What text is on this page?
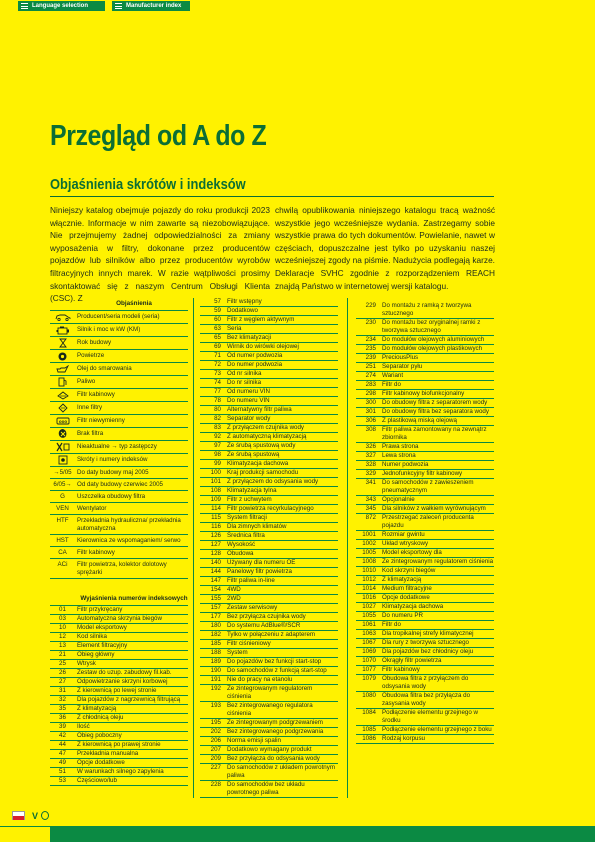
Language selection	Manufacturer index
Przegląd od A do Z
Objaśnienia skrótów i indeksów

Niniejszy katalog obejmuje pojazdy do roku produkcji 2023 włącznie. Informacje w nim zawarte są niezobowiązujące. Nie przejmujemy żadnej odpowiedzialności za zmiany wyposażenia w filtry, dokonane przez producentów pojazdów lub silników albo przez producentów wyrobów filtracyjnych innych marek. W razie wątpliwości prosimy skontaktować się z naszym Centrum Obsługi Klienta (CSC). Z

chwilą opublikowania niniejszego katalogu tracą ważność wszystkie jego wcześniejsze wydania. Zastrzegamy sobie wszystkie prawa do tych dokumentów. Powielanie, nawet w częściach, dopuszczalne jest tylko po uzyskaniu naszej wcześniejszej zgody na piśmie. Nadużycia podlegają karze. Deklaracje SVHC zgodnie z rozporządzeniem REACH znajdą Państwo w internetowej wersji katalogu.

Objaśnienia
Producent/seria modeli (seria)
Silnik i moc w kW (KM)
Rok budowy
Powietrze
Olej do smarowania
Paliwo
Filtr kabinowy
Inne filtry
ooo	Filtr niewymienny
Brak filtra
Nieaktualne → typ zastępczy
Skróty i numery indeksów
→5/05 Do daty budowy maj 2005
6/05→ Od daty budowy czerwiec 2005
G	Uszczelka obudowy filtra
VEN	Wentylator
HTF	Przekładnia hydrauliczna/ przekładnia automatyczna
HST	Kierownica ze wspomaganiem/ serwo
CA	Filtr kabinowy
ACi	Filtr powietrza, kolektor dolotowy sprężarki
Wyjaśnienia numerów indeksowych
01	Filtr przykręcany
03	Automatyczna skrzynia biegów
10	Model eksportowy
12	Kod silnika
13	Element filtracyjny
21	Obieg główny
25	Wtrysk
26	Zestaw do uzup. zabudowy fil.kab.
27	Odpowietrzanie skrzyni korbowej
31	Z kierownicą po lewej stronie
32	Dla pojazdów z nagrzewnicą filtrującą
35	Z klimatyzacją
36	Z chłodnicą oleju
39	Ilość
42	Obieg poboczny
44	Z kierownicą po prawej stronie
47	Przekładnia manualna
49	Opcje dodatkowe
51	W warunkach silnego zapylenia
53	Częściowo/lub
57 Filtr wstępny
59 Dodatkowo
60 Filtr z węglem aktywnym
63 Seria
65 Bez klimatyzacji
69 Wirnik do wirówki olejowej
71 Od numer podwozia
72 Do numer podwozia
73 Od nr silnika
74 Do nr silnika
77 Od numeru VIN
78 Do numeru VIN
80 Alternatywny filtr paliwa
82 Separator wody
83 Z przyłączem czujnika wody
92 Z automatyczną klimatyzacją
97 Ze śrubą spustową wody
98 Ze śrubą spustową
99 Klimatyzacja dachowa
100 Kraj produkcji samochodu
101 Z przyłączem do odsysania wody
108 Klimatyzacja tylna
109 Filtr z uchwytem
114 Filtr powietrza recyrkulacyjnego
115 System filtracji
116 Dla zimnych klimatów
126 Średnica filtra
127 Wysokość
128 Obudowa
140 Używany dla numeru OE
144 Panelowy filtr powietrza
147 Filtr paliwa in-line
154 4WD
155 2WD
157 Zestaw serwisowy
177 Bez przyłącza czujnika wody
180 Do systemu AdBlue®/SCR
182 Tylko w połączeniu z adapterem
185 Filtr ciśnieniowy
188 System
189 Do pojazdów bez funkcji start-stop
190 Do samochodów z funkcją start-stop
191 Nie do pracy na etanolu
192 Ze zintegrowanym regulatorem ciśnienia
193 Bez zintegrowanego regulatora ciśnienia
195 Ze zintegrowanym podgrzewaniem
202 Bez zintegrowanego podgrzewania
206 Norma emisji spalin
207 Dodatkowo wymagany produkt
209 Bez przyłącza do odsysania wody
227 Do samochodów z układem powrotnym paliwa
228 Do samochodów bez układu powrotnego paliwa
229 Do montażu z ramką z tworzywa sztucznego
230 Do montażu bez oryginalnej ramki z tworzywa sztucznego
234 Do modułów olejowych aluminiowych
235 Do modułów olejowych plastikowych
239 PreciousPlus
251 Separator pyłu
274 Wariant
283 Filtr do
298 Filtr kabinowy biofunkcjonalny
300 Do obudowy filtra z separatorem wody
301 Do obudowy filtra bez separatora wody
306 Z plastikową miską olejową
308 Filtr paliwa zamontowany na zewnątrz zbiornika
326 Prawa strona
327 Lewa strona
328 Numer podwozia
329 Jednofunkcyjny filtr kabinowy
341 Do samochodów z zawieszeniem pneumatycznym
343 Opcjonalnie
345 Dla silników z wałkiem wyrównującym
872 Przestrzegać zaleceń producenta pojazdu
1001 Rozmiar gwintu
1002 Układ wtryskowy
1005 Model eksportowy dla
1008 Ze zintegrowanym regulatorem ciśnienia
1010 Kod skrzyni biegów
1012 Z klimatyzacją
1014 Medium filtracyjne
1016 Opcje dodatkowe
1027 Klimatyzacja dachowa
1055 Do numeru PR
1061 Filtr do
1063 Dla tropikalnej strefy klimatycznej
1067 Dla rury z tworzywa sztucznego
1069 Dla pojazdów bez chłodnicy oleju
1070 Okrągły filtr powietrza
1077 Filtr kabinowy
1079 Obudowa filtra z przyłączem do odsysania wody
1080 Obudowa filtra bez przyłącza do zasysania wody
1084 Podłączenie elementu grzejnego w środku
1085 Podłączenie elementu grzejnego z boku
1086 Rodzaj korpusu
V
